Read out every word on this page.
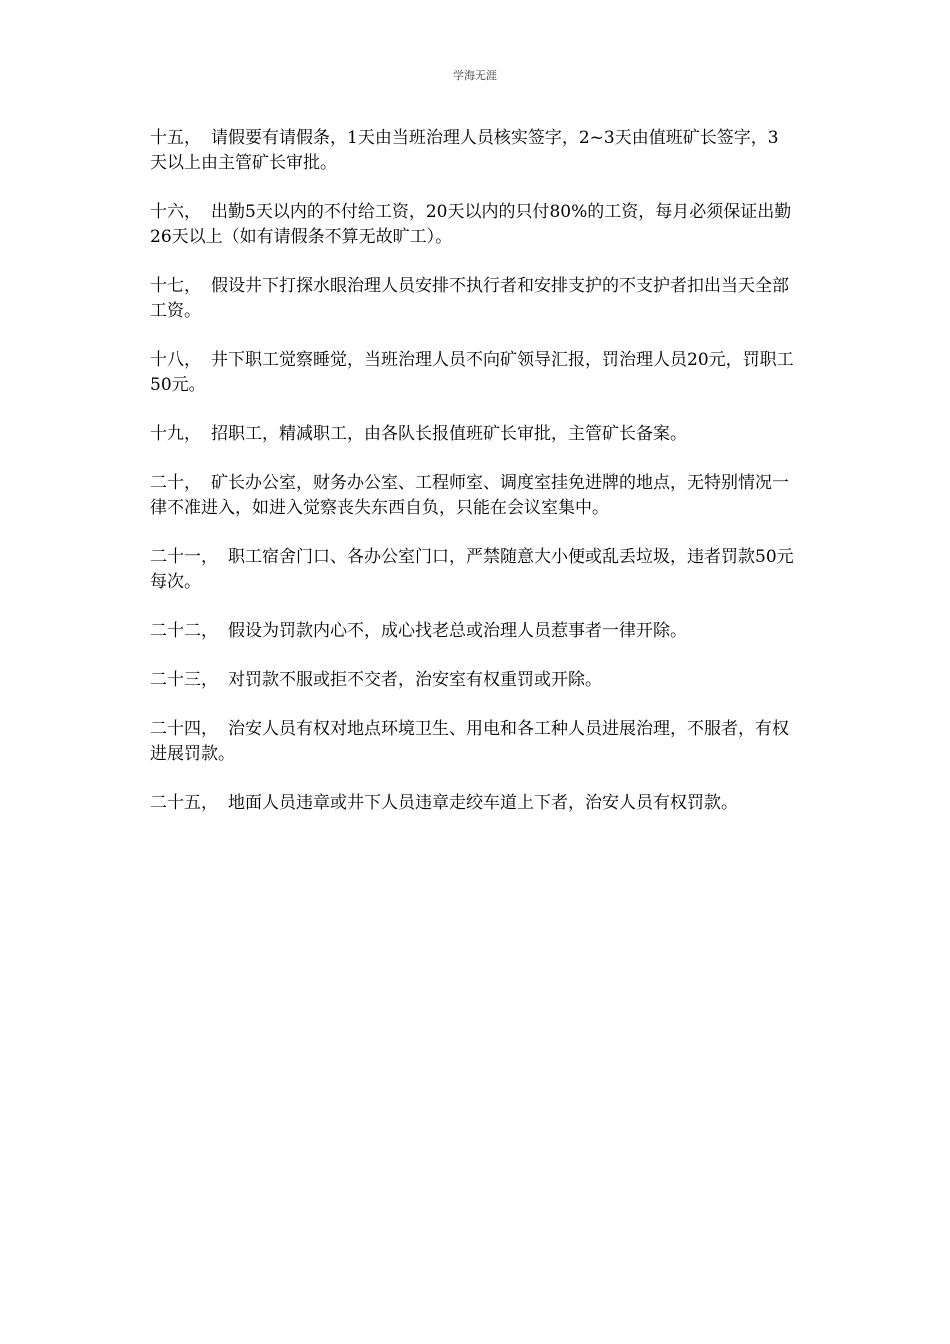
学海无涯

十五， 请假要有请假条，1天由当班治理人员核实签字，2~3天由值班矿长签字，3天以上由主管矿长审批。

十六， 出勤5天以内的不付给工资，20天以内的只付80%的工资，每月必须保证出勤26天以上（如有请假条不算无故旷工）。

十七， 假设井下打探水眼治理人员安排不执行者和安排支护的不支护者扣出当天全部工资。

十八， 井下职工觉察睡觉，当班治理人员不向矿领导汇报，罚治理人员20元，罚职工50元。

十九， 招职工，精减职工，由各队长报值班矿长审批，主管矿长备案。

二十， 矿长办公室，财务办公室、工程师室、调度室挂免进牌的地点，无特别情况一律不准进入，如进入觉察丧失东西自负，只能在会议室集中。

二十一， 职工宿舍门口、各办公室门口，严禁随意大小便或乱丢垃圾，违者罚款50元每次。

二十二， 假设为罚款内心不，成心找老总或治理人员惹事者一律开除。

二十三， 对罚款不服或拒不交者，治安室有权重罚或开除。

二十四， 治安人员有权对地点环境卫生、用电和各工种人员进展治理，不服者，有权进展罚款。

二十五， 地面人员违章或井下人员违章走绞车道上下者，治安人员有权罚款。
